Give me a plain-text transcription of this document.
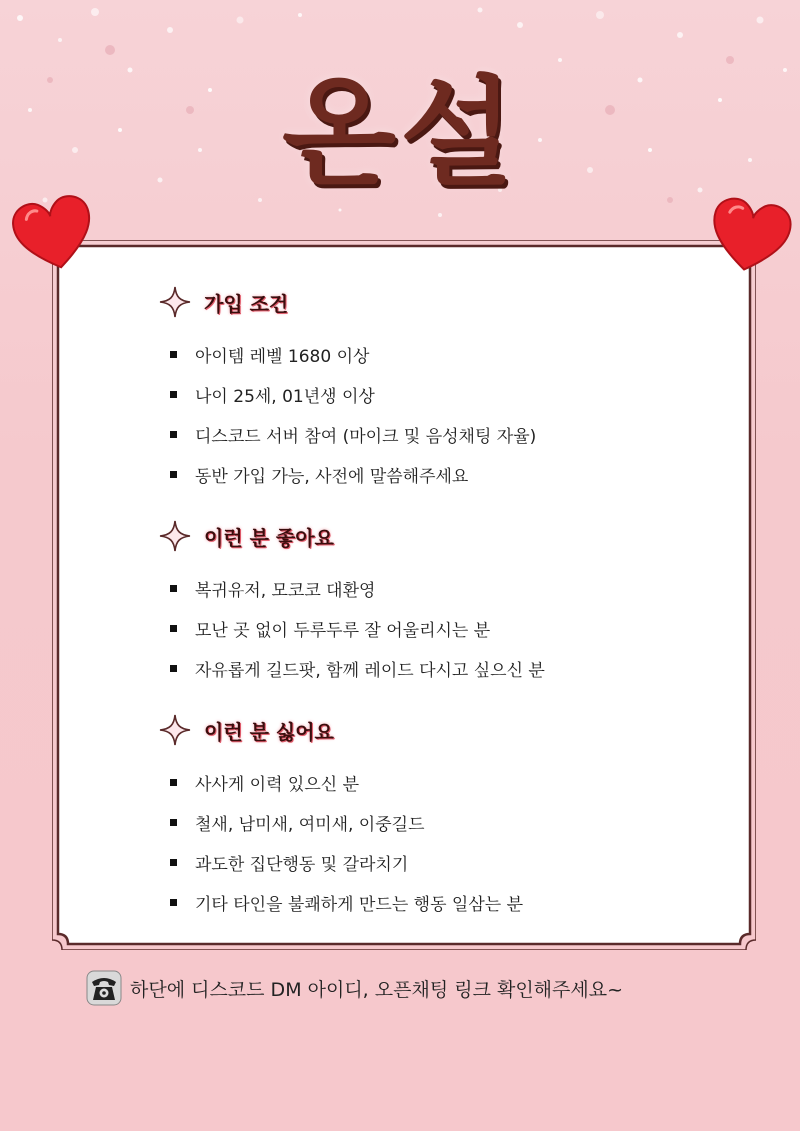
온설
가입 조건
아이템 레벨 1680 이상
나이 25세, 01년생 이상
디스코드 서버 참여 (마이크 및 음성채팅 자율)
동반 가입 가능, 사전에 말씀해주세요
이런 분 좋아요
복귀유저, 모코코 대환영
모난 곳 없이 두루두루 잘 어울리시는 분
자유롭게 길드팟, 함께 레이드 다시고 싶으신 분
이런 분 싫어요
사사게 이력 있으신 분
철새, 남미새, 여미새, 이중길드
과도한 집단행동 및 갈라치기
기타 타인을 불쾌하게 만드는 행동 일삼는 분
하단에 디스코드 DM 아이디, 오픈채팅 링크 확인해주세요~
